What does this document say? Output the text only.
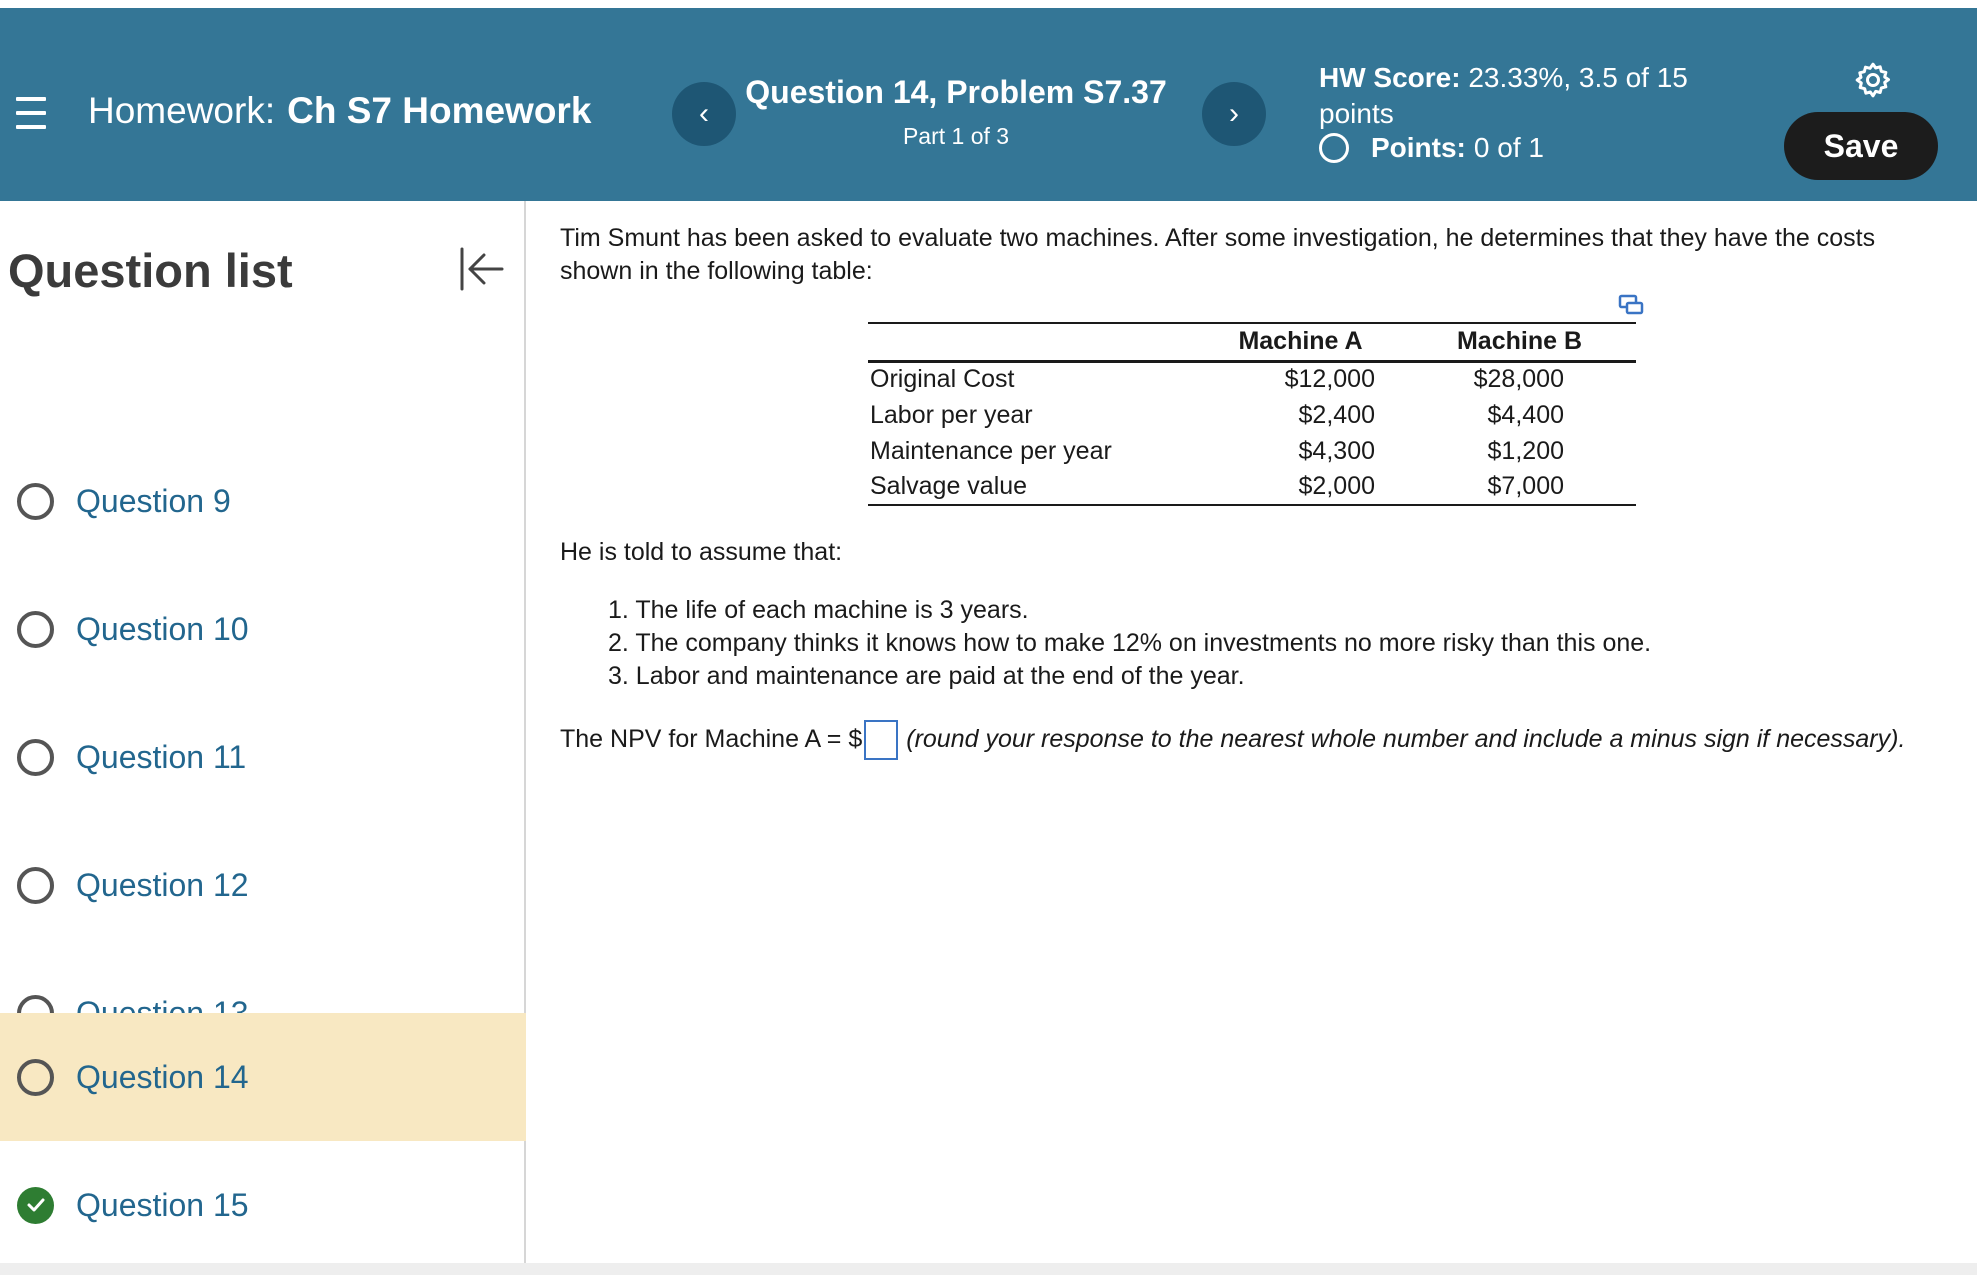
Homework: Ch S7 Homework	‹
Question 14, Problem S7.37
Part 1 of 3
›
HW Score: 23.33%, 3.5 of 15 points
Points: 0 of 1	Save
Question list
Question 9
Question 10
Question 11
Question 12
Question 14
Question 15

Tim Smunt has been asked to evaluate two machines. After some investigation, he determines that they have the costs shown in the following table:

	Machine A	Machine B
Original Cost	$12,000	$28,000
Labor per year	$2,400	$4,400
Maintenance per year	$4,300	$1,200
Salvage value	$2,000	$7,000

He is told to assume that:

1. The life of each machine is 3 years.
2. The company thinks it knows how to make 12% on investments no more risky than this one.
3. Labor and maintenance are paid at the end of the year.

The NPV for Machine A = $ (round your response to the nearest whole number and include a minus sign if necessary).
